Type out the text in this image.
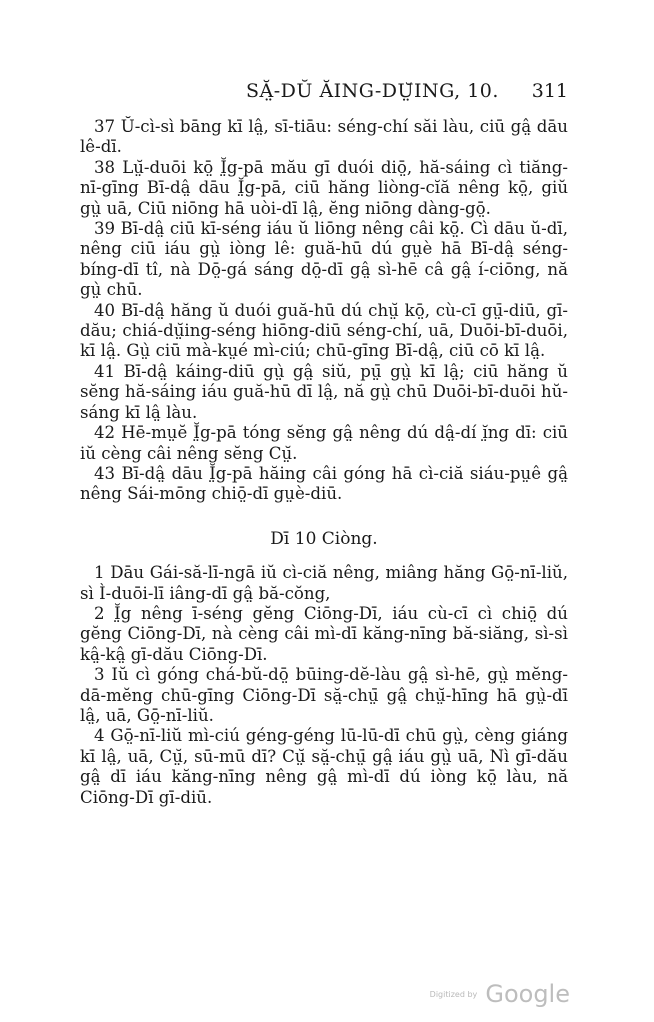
SĂ̤-DŬ ĂING-DṲ̆ING, 10. 311

37 Ŭ-cì-sì bāng kī lâ̤, sī-tiāu: séng-chí săi làu, ciū gâ̤ dāu lê-dī.

38 Lṳ̆-duōi kō̤ Ĭ̤g-pā mău gī duói diō̤, hă-sáing cì tiăng-nī-gīng Bī-dâ̤ dāu Ĭ̤g-pā, ciū hăng liòng-cĭă nêng kō̤, giŭ gṳ̀ uā, Ciū niōng hā uòi-dī lâ̤, ĕng niōng dàng-gō̤.

39 Bī-dâ̤ ciū kī-séng iáu ŭ liōng nêng câi kō̤. Cì dāu ŭ-dī, nêng ciū iáu gṳ̀ iòng lê: guă-hū dú gṳè hā Bī-dâ̤ séng-bíng-dī tî, nà Dō̤-gá sáng dō̤-dī gâ̤ sì-hē câ gâ̤ í-ciōng, nă gṳ̀ chū.

40 Bī-dâ̤ hăng ŭ duói guă-hū dú chṳ̆ kō̤, cù-cī gṳ̄-diū, gī-dău; chiá-dṳ̆ing-séng hiōng-diū séng-chí, uā, Duōi-bī-duōi, kī lâ̤. Gṳ̀ ciū mà-kṳé mì-ciú; chū-gīng Bī-dâ̤, ciū cō kī lâ̤.

41 Bī-dâ̤ káing-diū gṳ̀ gâ̤ siŭ, pṳ̄ gṳ̀ kī lâ̤; ciū hăng ŭ sĕng hă-sáing iáu guă-hū dī lâ̤, nă gṳ̀ chū Duōi-bī-duōi hŭ-sáng kī lâ̤ làu.

42 Hē-mṳĕ Ĭ̤g-pā tóng sĕng gâ̤ nêng dú dâ̤-dí ĭ̤ng dī: ciū iŭ cèng câi nêng sĕng Cṳ̆.

43 Bī-dâ̤ dāu Ĭ̤g-pā hăing câi góng hā cì-ciă siáu-pṳê gâ̤ nêng Sái-mōng chiō̤-dī gṳè-diū.

Dī 10 Ciòng.

1 Dāu Gái-să-lī-ngā iŭ cì-ciă nêng, miâng hăng Gō̤-nī-liŭ, sì Ì-duōi-lī iâng-dī gâ̤ bă-cŏng,

2 Ĭ̤g nêng ī-séng gĕng Ciōng-Dī, iáu cù-cī cì chiō̤ dú gĕng Ciōng-Dī, nà cèng câi mì-dī kăng-nīng bă-siăng, sì-sì kâ̤-kâ̤ gī-dău Ciōng-Dī.

3 Iŭ cì góng chá-bŭ-dō̤ būing-dĕ-làu gâ̤ sì-hē, gṳ̀ mĕng-dā-mĕng chū-gīng Ciōng-Dī să̤-chṳ̄ gâ̤ chṳ̆-hīng hā gṳ̀-dī lâ̤, uā, Gō̤-nī-liŭ.

4 Gō̤-nī-liŭ mì-ciú géng-géng lū-lū-dī chū gṳ̀, cèng giáng kī lâ̤, uā, Cṳ̆, sū-mū dī? Cṳ̆ să̤-chṳ̄ gâ̤ iáu gṳ̀ uā, Nì gī-dău gâ̤ dī iáu kăng-nīng nêng gâ̤ mì-dī dú iòng kō̤ làu, nă Ciōng-Dī gī-diū.

Digitized by Google
